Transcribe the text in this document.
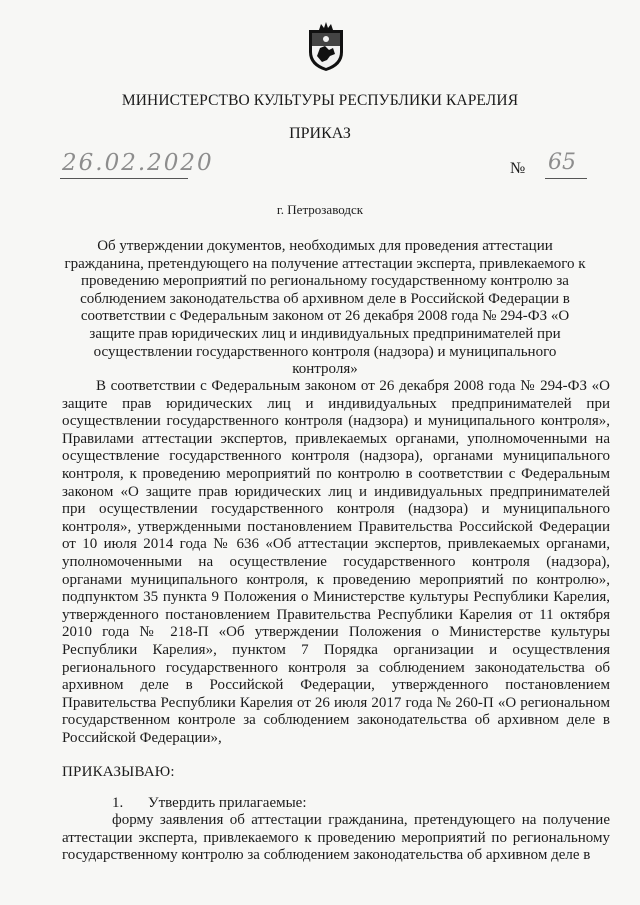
МИНИСТЕРСТВО КУЛЬТУРЫ РЕСПУБЛИКИ КАРЕЛИЯ
ПРИКАЗ
26.02.2020	№ 65
г. Петрозаводск
Об утверждении документов, необходимых для проведения аттестации гражданина, претендующего на получение аттестации эксперта, привлекаемого к проведению мероприятий по региональному государственному контролю за соблюдением законодательства об архивном деле в Российской Федерации в соответствии с Федеральным законом от 26 декабря 2008 года № 294-ФЗ «О защите прав юридических лиц и индивидуальных предпринимателей при осуществлении государственного контроля (надзора) и муниципального контроля»
В соответствии с Федеральным законом от 26 декабря 2008 года № 294-ФЗ «О защите прав юридических лиц и индивидуальных предпринимателей при осуществлении государственного контроля (надзора) и муниципального контроля», Правилами аттестации экспертов, привлекаемых органами, уполномоченными на осуществление государственного контроля (надзора), органами муниципального контроля, к проведению мероприятий по контролю в соответствии с Федеральным законом «О защите прав юридических лиц и индивидуальных предпринимателей при осуществлении государственного контроля (надзора) и муниципального контроля», утвержденными постановлением Правительства Российской Федерации от 10 июля 2014 года № 636 «Об аттестации экспертов, привлекаемых органами, уполномоченными на осуществление государственного контроля (надзора), органами муниципального контроля, к проведению мероприятий по контролю», подпунктом 35 пункта 9 Положения о Министерстве культуры Республики Карелия, утвержденного постановлением Правительства Республики Карелия от 11 октября 2010 года № 218-П «Об утверждении Положения о Министерстве культуры Республики Карелия», пунктом 7 Порядка организации и осуществления регионального государственного контроля за соблюдением законодательства об архивном деле в Российской Федерации, утвержденного постановлением Правительства Республики Карелия от 26 июля 2017 года № 260-П «О региональном государственном контроле за соблюдением законодательства об архивном деле в Российской Федерации»,
ПРИКАЗЫВАЮ:
1. Утвердить прилагаемые:
форму заявления об аттестации гражданина, претендующего на получение аттестации эксперта, привлекаемого к проведению мероприятий по региональному государственному контролю за соблюдением законодательства об архивном деле в
